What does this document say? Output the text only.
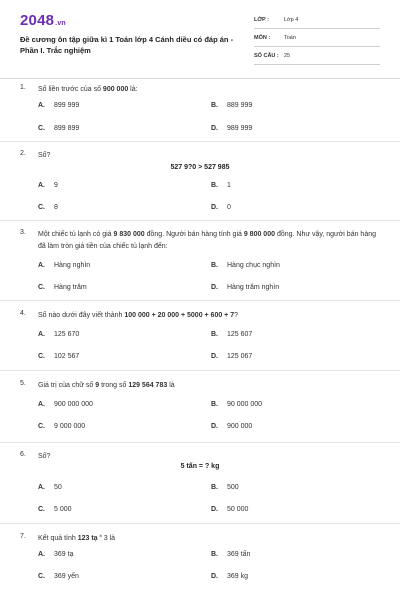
2048.vn
Đề cương ôn tập giữa kì 1 Toán lớp 4 Cánh diều có đáp án -
Phần I. Trắc nghiệm
LỚP :	Lớp 4
MÔN :	Toán
SỐ CÂU : 25
1. Số liền trước của số 900 000 là:
A. 899 999	B. 889 999
C. 899 899	D. 989 999
2. Số?
527 9?0 > 527 985
A. 9	B. 1
C. 8	D. 0
3. Một chiếc tủ lạnh có giá 9 830 000 đồng. Người bán hàng tính giá 9 800 000 đồng. Như vậy, người bán hàng đã làm tròn giá tiền của chiếc tủ lạnh đến:
A. Hàng nghìn	B. Hàng chục nghìn
C. Hàng trăm	D. Hàng trăm nghìn
4. Số nào dưới đây viết thành 100 000 + 20 000 + 5000 + 600 + 7?
A. 125 670	B. 125 607
C. 102 567	D. 125 067
5. Giá trị của chữ số 9 trong số 129 564 783 là
A. 900 000 000	B. 90 000 000
C. 9 000 000	D. 900 000
6. Số?
5 tấn = ? kg
A. 50	B. 500
C. 5 000	D. 50 000
7. Kết quả tính 123 tạ ˟ 3 là
A. 369 tạ	B. 369 tấn
C. 369 yến	D. 369 kg
